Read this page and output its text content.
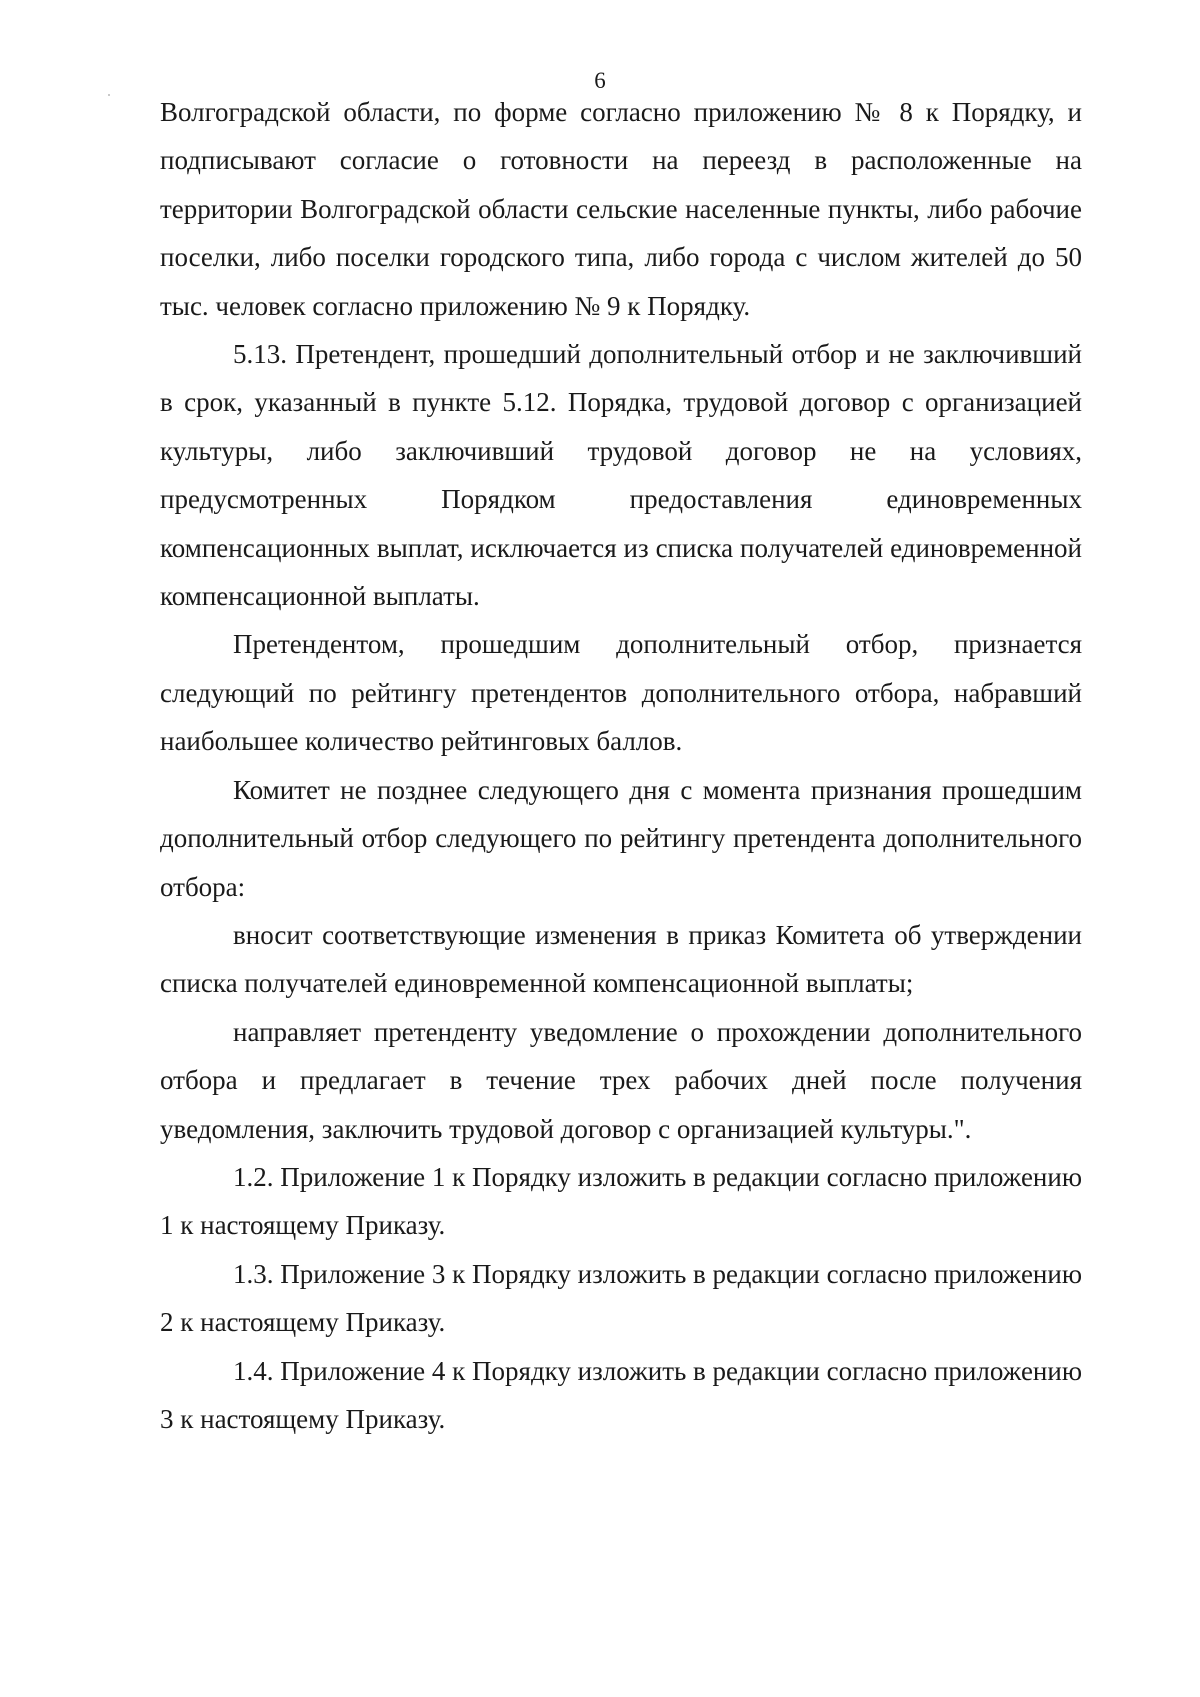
6

Волгоградской области, по форме согласно приложению № 8 к Порядку, и подписывают согласие о готовности на переезд в расположенные на территории Волгоградской области сельские населенные пункты, либо рабочие поселки, либо поселки городского типа, либо города с числом жителей до 50 тыс. человек согласно приложению № 9 к Порядку.

5.13. Претендент, прошедший дополнительный отбор и не заключивший в срок, указанный в пункте 5.12. Порядка, трудовой договор с организацией культуры, либо заключивший трудовой договор не на условиях, предусмотренных Порядком предоставления единовременных компенсационных выплат, исключается из списка получателей единовременной компенсационной выплаты.

Претендентом, прошедшим дополнительный отбор, признается следующий по рейтингу претендентов дополнительного отбора, набравший наибольшее количество рейтинговых баллов.

Комитет не позднее следующего дня с момента признания прошедшим дополнительный отбор следующего по рейтингу претендента дополнительного отбора:

вносит соответствующие изменения в приказ Комитета об утверждении списка получателей единовременной компенсационной выплаты;

направляет претенденту уведомление о прохождении дополнительного отбора и предлагает в течение трех рабочих дней после получения уведомления, заключить трудовой договор с организацией культуры.".

1.2. Приложение 1 к Порядку изложить в редакции согласно приложению 1 к настоящему Приказу.

1.3. Приложение 3 к Порядку изложить в редакции согласно приложению 2 к настоящему Приказу.

1.4. Приложение 4 к Порядку изложить в редакции согласно приложению 3 к настоящему Приказу.
